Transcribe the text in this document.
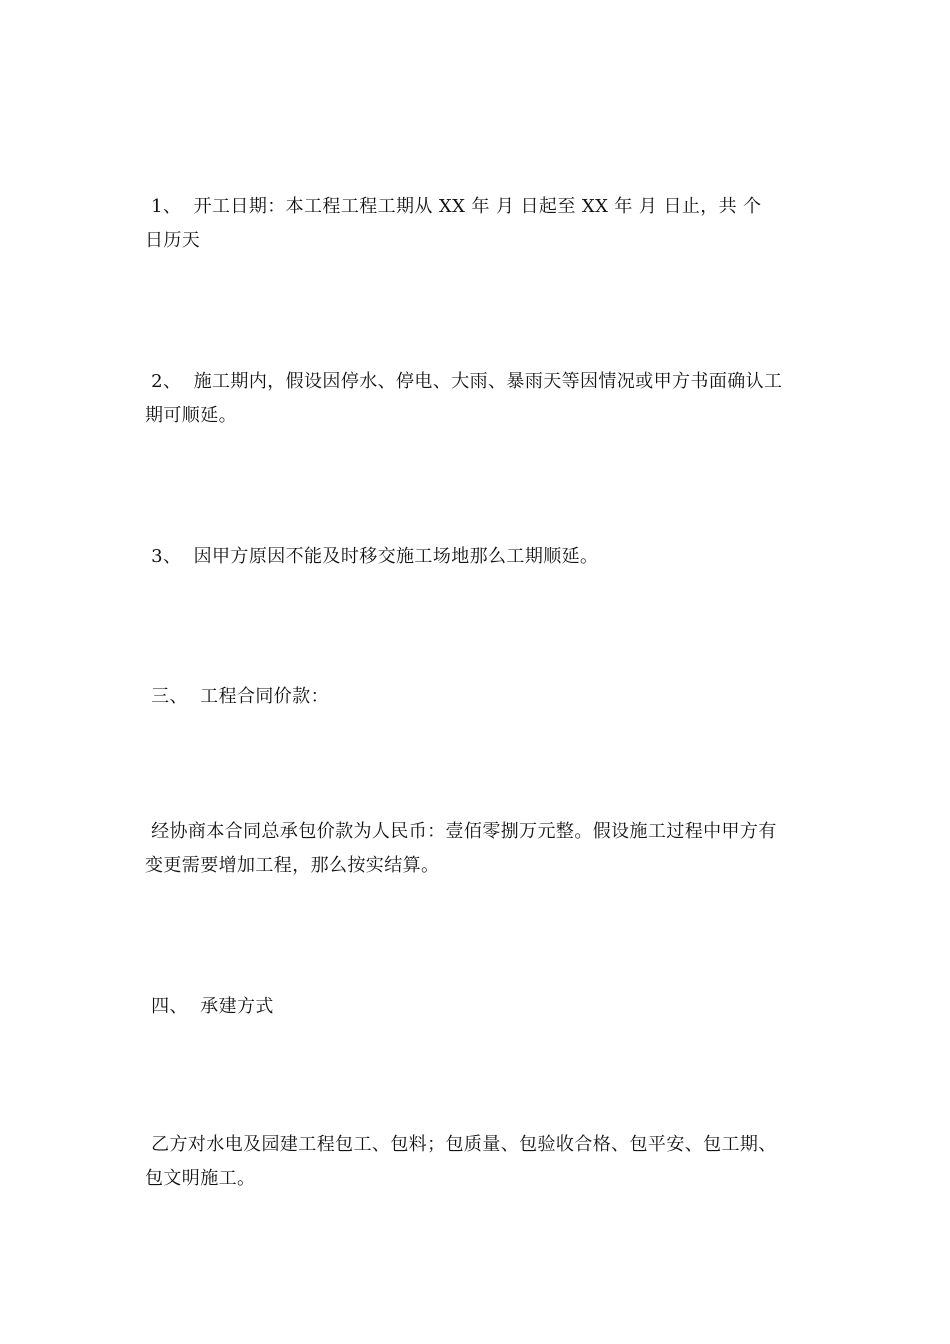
1、  开工日期：本工程工程工期从 XX 年 月 日起至 XX 年 月 日止，共 个
日历天
2、  施工期内，假设因停水、停电、大雨、暴雨天等因情况或甲方书面确认工
期可顺延。
3、  因甲方原因不能及时移交施工场地那么工期顺延。
三、  工程合同价款：
经协商本合同总承包价款为人民币：壹佰零捌万元整。假设施工过程中甲方有
变更需要增加工程，那么按实结算。
四、  承建方式
乙方对水电及园建工程包工、包料；包质量、包验收合格、包平安、包工期、
包文明施工。
